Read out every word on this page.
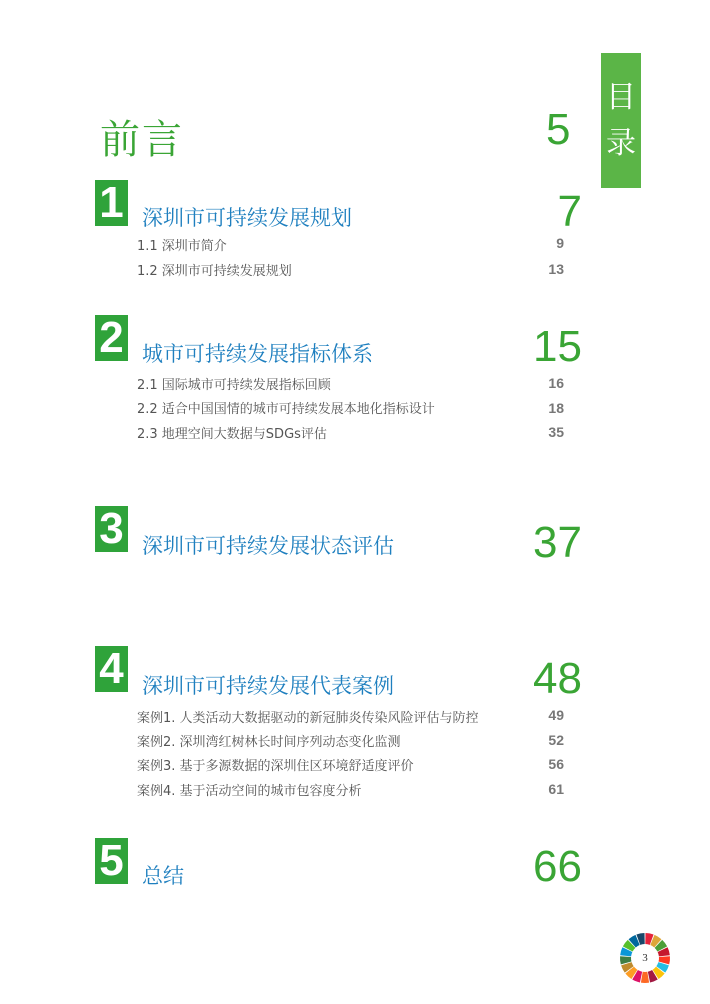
目
录
前言	5
1 深圳市可持续发展规划	7
1.1 深圳市简介	9
1.2 深圳市可持续发展规划	13
2 城市可持续发展指标体系	15
2.1 国际城市可持续发展指标回顾	16
2.2 适合中国国情的城市可持续发展本地化指标设计	18
2.3 地理空间大数据与SDGs评估	35
3 深圳市可持续发展状态评估	37
4 深圳市可持续发展代表案例	48
案例1. 人类活动大数据驱动的新冠肺炎传染风险评估与防控	49
案例2. 深圳湾红树林长时间序列动态变化监测	52
案例3. 基于多源数据的深圳住区环境舒适度评价	56
案例4. 基于活动空间的城市包容度分析	61
5 总结	66
3
